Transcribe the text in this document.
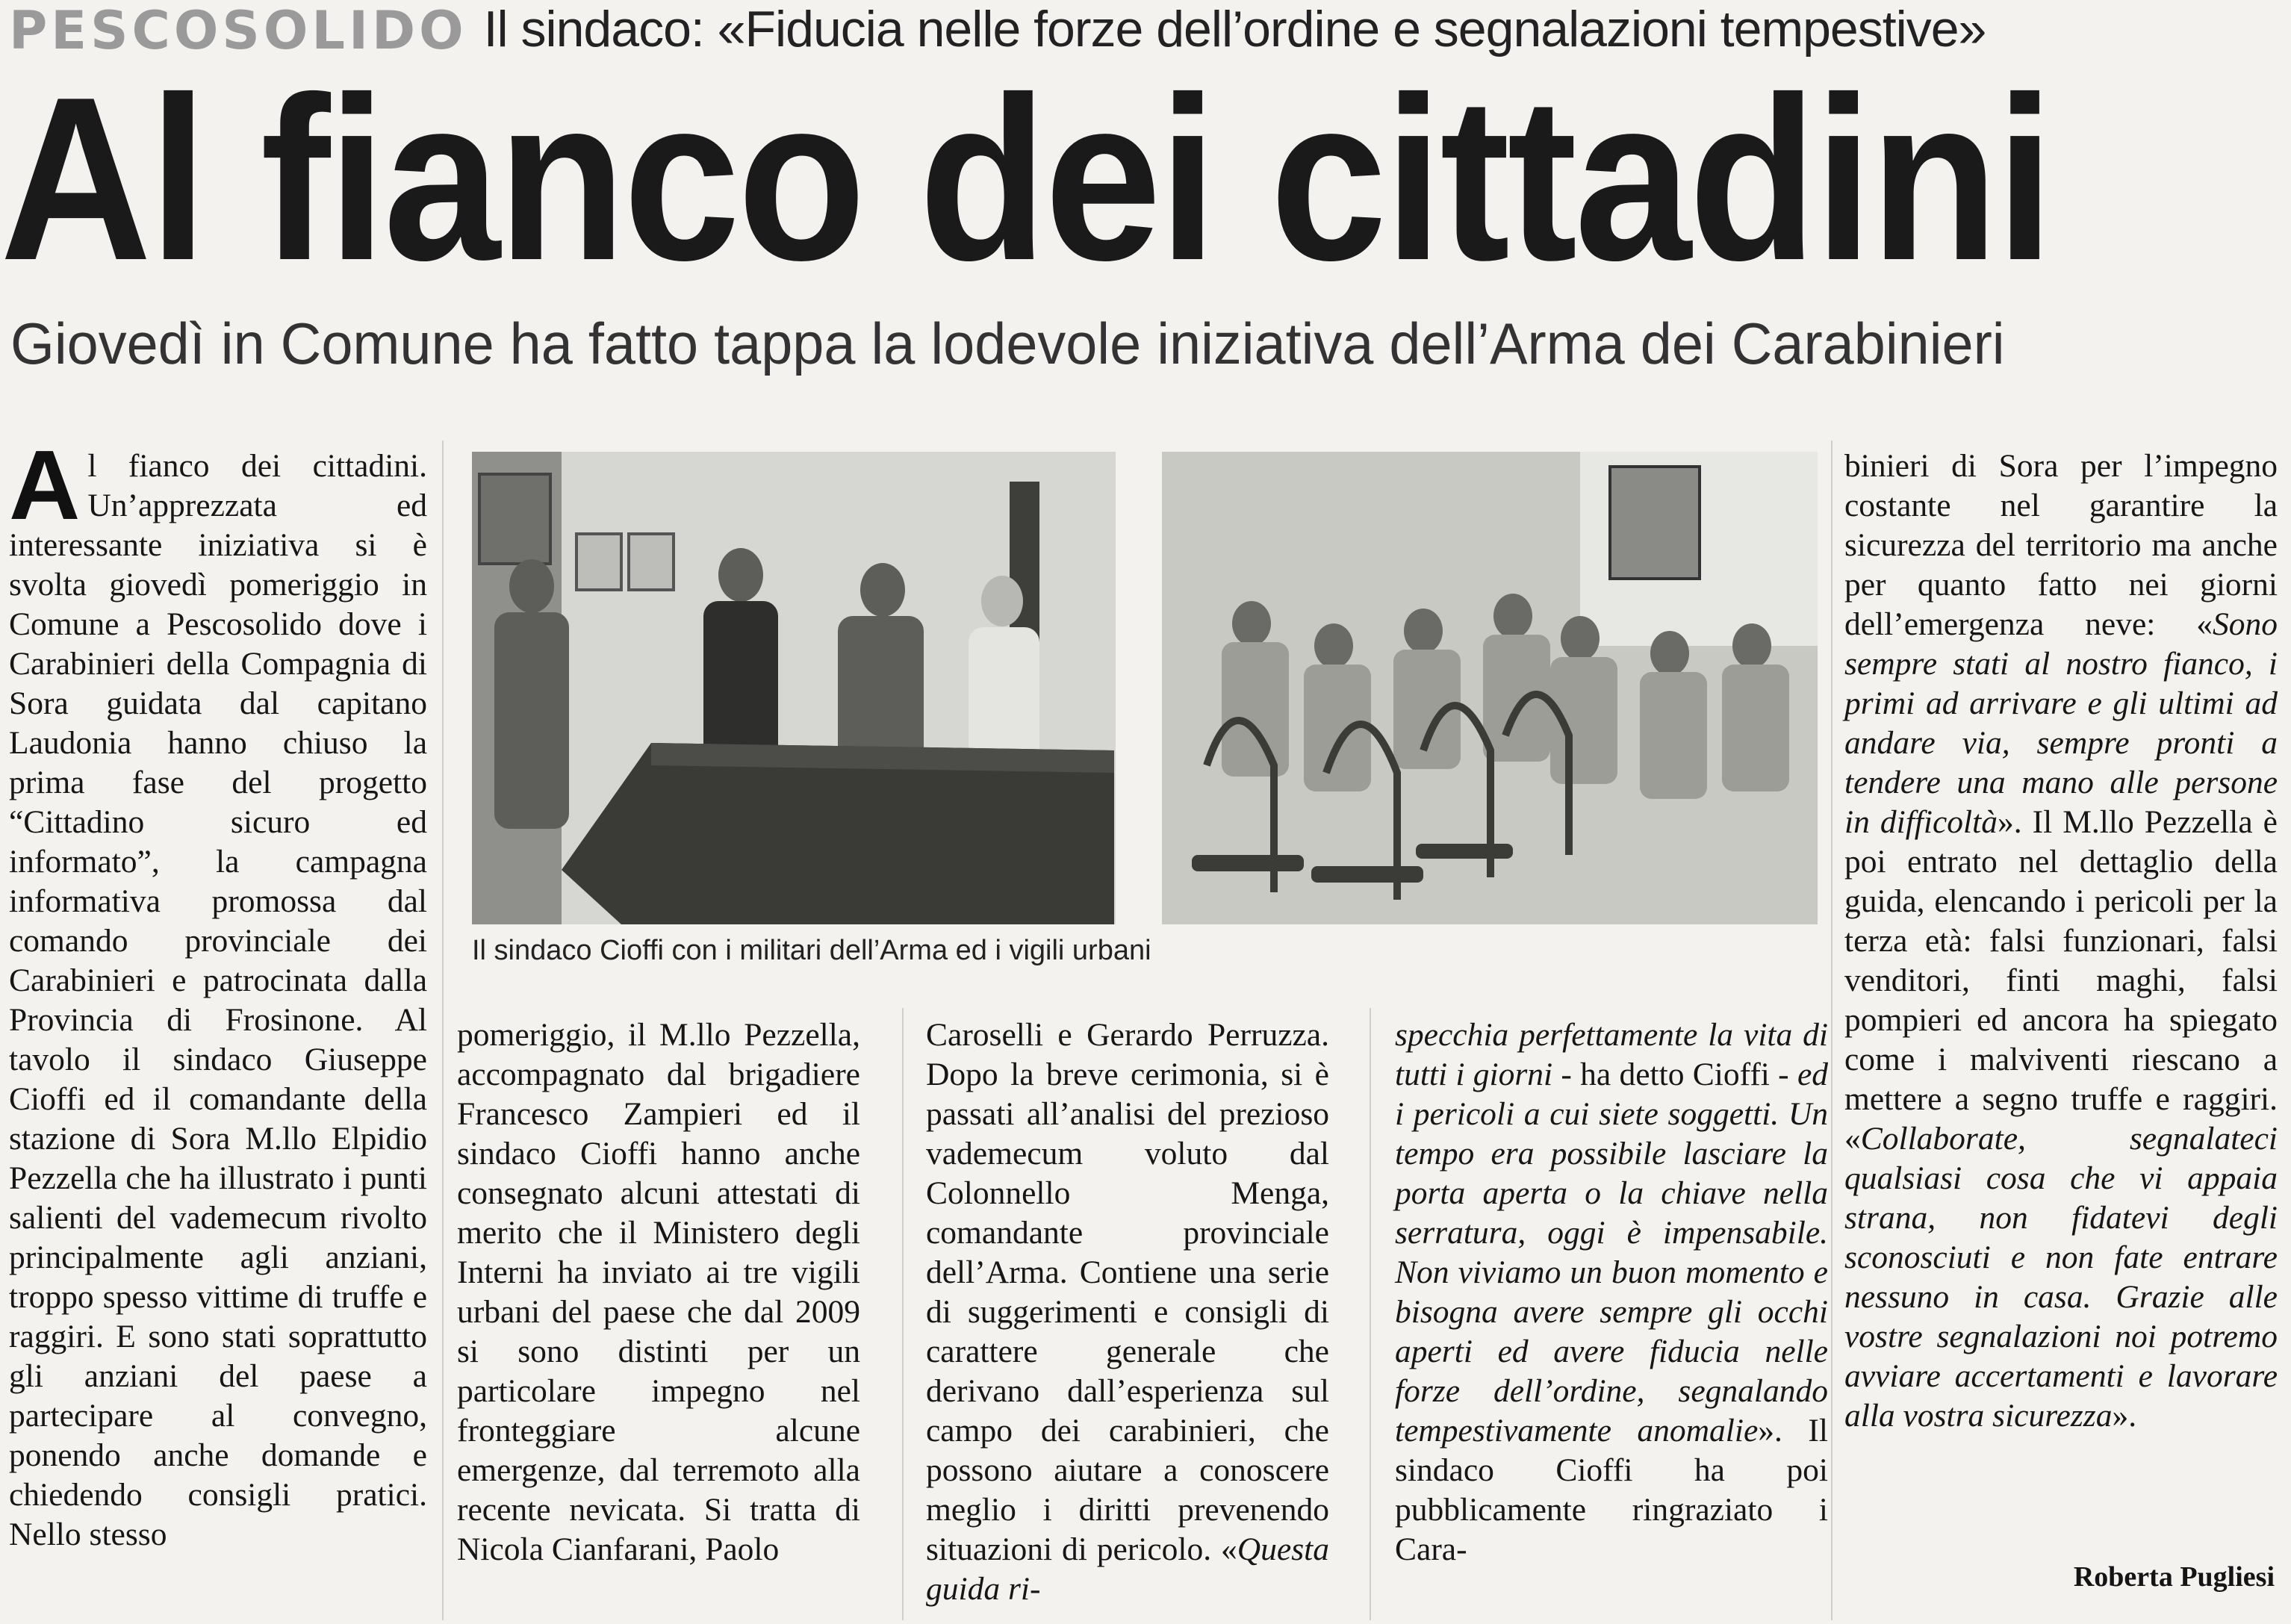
PESCOSOLIDO Il sindaco: «Fiducia nelle forze dell’ordine e segnalazioni tempestive»
Al fianco dei cittadini
Giovedì in Comune ha fatto tappa la lodevole iniziativa dell’Arma dei Carabinieri
Il sindaco Cioffi con i militari dell’Arma ed i vigili urbani
Al fianco dei cittadini. Un’apprezzata ed interessante iniziativa si è svolta giovedì pomeriggio in Comune a Pescosolido dove i Carabinieri della Compagnia di Sora guidata dal capitano Laudonia hanno chiuso la prima fase del progetto “Cittadino sicuro ed informato”, la campagna informativa promossa dal comando provinciale dei Carabinieri e patrocinata dalla Provincia di Frosinone. Al tavolo il sindaco Giuseppe Cioffi ed il comandante della stazione di Sora M.llo Elpidio Pezzella che ha illustrato i punti salienti del vademecum rivolto principalmente agli anziani, troppo spesso vittime di truffe e raggiri. E sono stati soprattutto gli anziani del paese a partecipare al convegno, ponendo anche domande e chiedendo consigli pratici. Nello stesso
pomeriggio, il M.llo Pezzella, accompagnato dal brigadiere Francesco Zampieri ed il sindaco Cioffi hanno anche consegnato alcuni attestati di merito che il Ministero degli Interni ha inviato ai tre vigili urbani del paese che dal 2009 si sono distinti per un particolare impegno nel fronteggiare alcune emergenze, dal terremoto alla recente nevicata. Si tratta di Nicola Cianfarani, Paolo
Caroselli e Gerardo Perruzza. Dopo la breve cerimonia, si è passati all’analisi del prezioso vademecum voluto dal Colonnello Menga, comandante provinciale dell’Arma. Contiene una serie di suggerimenti e consigli di carattere generale che derivano dall’esperienza sul campo dei carabinieri, che possono aiutare a conoscere meglio i diritti prevenendo situazioni di pericolo. «Questa guida ri-
specchia perfettamente la vita di tutti i giorni - ha detto Cioffi - ed i pericoli a cui siete soggetti. Un tempo era possibile lasciare la porta aperta o la chiave nella serratura, oggi è impensabile. Non viviamo un buon momento e bisogna avere sempre gli occhi aperti ed avere fiducia nelle forze dell’ordine, segnalando tempestivamente anomalie». Il sindaco Cioffi ha poi pubblicamente ringraziato i Cara-
binieri di Sora per l’impegno costante nel garantire la sicurezza del territorio ma anche per quanto fatto nei giorni dell’emergenza neve: «Sono sempre stati al nostro fianco, i primi ad arrivare e gli ultimi ad andare via, sempre pronti a tendere una mano alle persone in difficoltà». Il M.llo Pezzella è poi entrato nel dettaglio della guida, elencando i pericoli per la terza età: falsi funzionari, falsi venditori, finti maghi, falsi pompieri ed ancora ha spiegato come i malviventi riescano a mettere a segno truffe e raggiri. «Collaborate, segnalateci qualsiasi cosa che vi appaia strana, non fidatevi degli sconosciuti e non fate entrare nessuno in casa. Grazie alle vostre segnalazioni noi potremo avviare accertamenti e lavorare alla vostra sicurezza».
Roberta Pugliesi
